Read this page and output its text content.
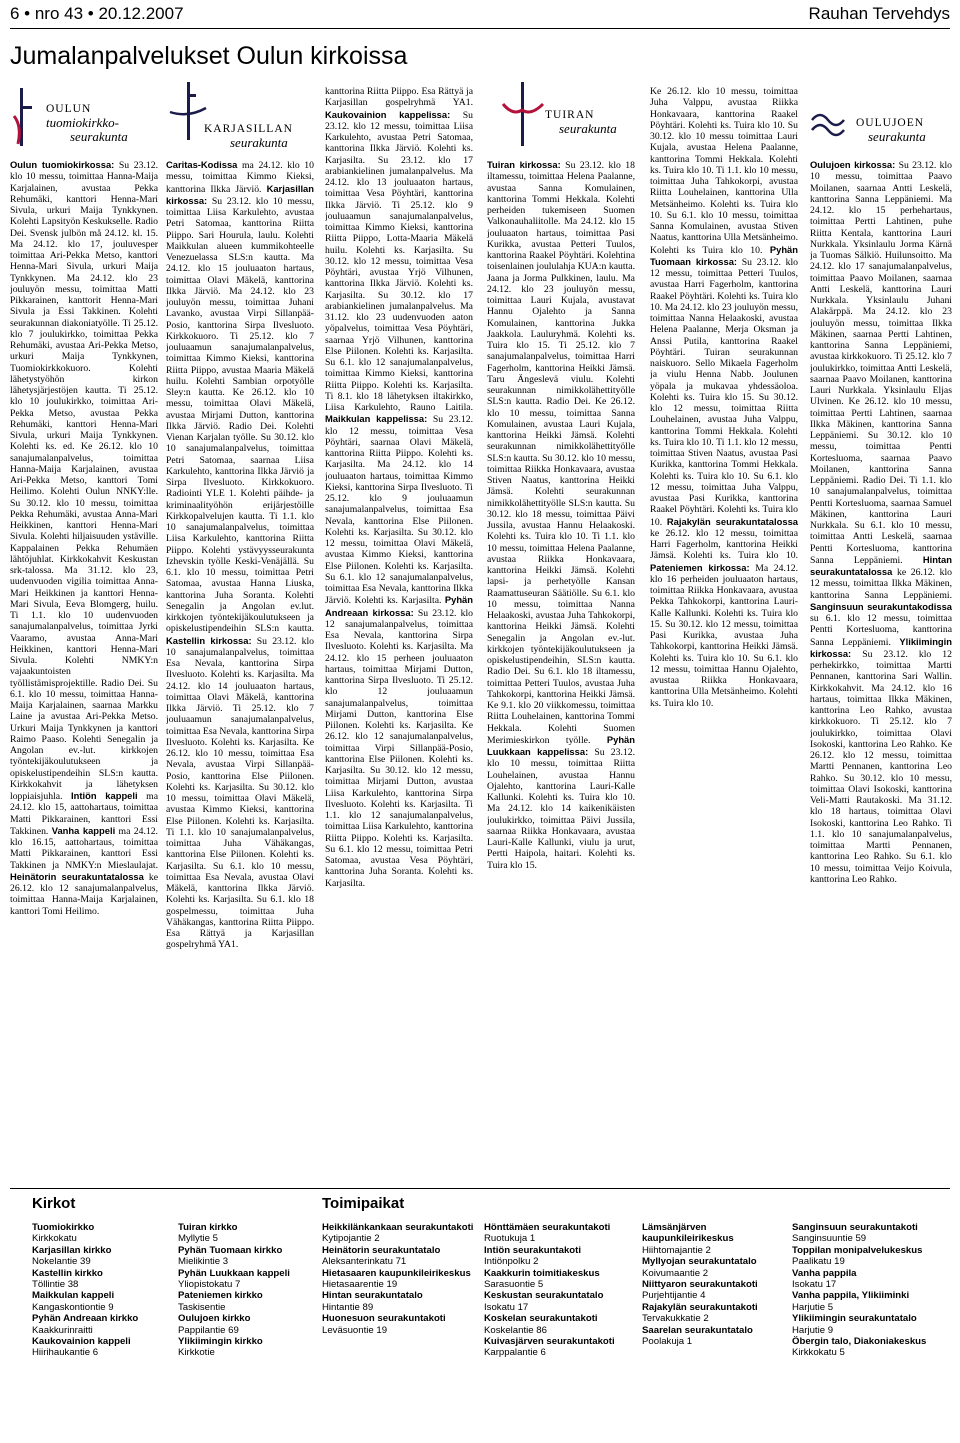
6 • nro 43 • 20.12.2007	Rauhan Tervehdys
Jumalanpalvelukset Oulun kirkoissa
OULUN
tuomiokirkko-
seurakunta
Oulun tuomiokirkossa: Su 23.12. klo 10 messu, toimittaa Hanna-Maija Karjalainen, avustaa Pekka Rehumäki, kanttori Henna-Mari Sivula, urkuri Maija Tynkkynen. Kolehti Lapsityön Keskukselle. Radio Dei. Svensk julbön må 24.12. kl. 15. Ma 24.12. klo 17, jouluvesper toimittaa Ari-Pekka Metso, kanttori Henna-Mari Sivula, urkuri Maija Tynkkynen. Ma 24.12. klo 23 jouluyön messu, toimittaa Matti Pikkarainen, kanttorit Henna-Mari Sivula ja Essi Takkinen. Kolehti seurakunnan diakoniatyölle. Ti 25.12. klo 7 joulukirkko, toimittaa Pekka Rehumäki, avustaa Ari-Pekka Metso, urkuri Maija Tynkkynen, Tuomiokirkkokuoro. Kolehti lähetystyöhön kirkon lähetysjärjestöjen kautta. Ti 25.12. klo 10 joulukirkko, toimittaa Ari-Pekka Metso, avustaa Pekka Rehumäki, kanttori Henna-Mari Sivula, urkuri Maija Tynkkynen. Kolehti ks. ed. Ke 26.12. klo 10 sanajumalanpalvelus, toimittaa Hanna-Maija Karjalainen, avustaa Ari-Pekka Metso, kanttori Tomi Heilimo. Kolehti Oulun NNKY:lle. Su 30.12. klo 10 messu, toimittaa Pekka Rehumäki, avustaa Anna-Mari Heikkinen, kanttori Henna-Mari Sivula. Kolehti hiljaisuuden ystäville. Kappalainen Pekka Rehumäen lähtöjuhlat. Kirkkokahvit Keskustan srk-talossa. Ma 31.12. klo 23, uudenvuoden vigilia toimittaa Anna-Mari Heikkinen ja kanttori Henna-Mari Sivula, Eeva Blomgerg, huilu. Ti 1.1. klo 10 uudenvuoden sanajumalanpalvelus, toimittaa Jyrki Vaaramo, avustaa Anna-Mari Heikkinen, kanttori Henna-Mari Sivula. Kolehti NMKY:n vajaakuntoisten työllistämisprojektille. Radio Dei. Su 6.1. klo 10 messu, toimittaa Hanna-Maija Karjalainen, saarnaa Markku Laine ja avustaa Ari-Pekka Metso. Urkuri Maija Tynkkynen ja kanttori Raimo Paaso. Kolehti Senegalin ja Angolan ev.-lut. kirkkojen työntekijäkoulutukseen ja opiskelustipendeihin SLS:n kautta. Kirkkokahvit ja lähetyksen loppiaisjuhla. Intiön kappeli ma 24.12. klo 15, aattohartaus, toimittaa Matti Pikkarainen, kanttori Essi Takkinen. Vanha kappeli ma 24.12. klo 16.15, aattohartaus, toimittaa Matti Pikkarainen, kanttori Essi Takkinen ja NMKY:n Mieslaulajat. Heinätorin seurakuntatalossa ke 26.12. klo 12 sanajumalanpalvelus, toimittaa Hanna-Maija Karjalainen, kanttori Tomi Heilimo.
KARJASILLAN
seurakunta
Caritas-Kodissa ma 24.12. klo 10 messu, toimittaa Kimmo Kieksi, kanttorina Ilkka Järviö. Karjasillan kirkossa: Su 23.12. klo 10 messu, toimittaa Liisa Karkulehto, avustaa Petri Satomaa, kanttorina Riitta Piippo. Sari Hourula, laulu. Kolehti Maikkulan alueen kummikohteelle Venezuelassa SLS:n kautta. Ma 24.12. klo 15 jouluaaton hartaus, toimittaa Olavi Mäkelä, kanttorina Ilkka Järviö. Ma 24.12. klo 23 jouluyön messu, toimittaa Juhani Lavanko, avustaa Virpi Sillanpää-Posio, kanttorina Sirpa Ilvesluoto. Kirkkokuoro. Ti 25.12. klo 7 jouluaamun sanajumalanpalvelus, toimittaa Kimmo Kieksi, kanttorina Riitta Piippo, avustaa Maaria Mäkelä huilu. Kolehti Sambian orpotyölle Sley:n kautta. Ke 26.12. klo 10 messu, toimittaa Olavi Mäkelä, avustaa Mirjami Dutton, kanttorina Ilkka Järviö. Radio Dei. Kolehti Vienan Karjalan työlle. Su 30.12. klo 10 sanajumalanpalvelus, toimittaa Petri Satomaa, saarnaa Liisa Karkulehto, kanttorina Ilkka Järviö ja Sirpa Ilvesluoto. Kirkkokuoro. Radiointi YLE 1. Kolehti päihde- ja kriminaalityöhön erijärjestöille Kirkkopalvelujen kautta. Ti 1.1. klo 10 sanajumalanpalvelus, toimittaa Liisa Karkulehto, kanttorina Riitta Piippo. Kolehti ystävyysseurakunta Izhevskin työlle Keski-Venäjällä. Su 6.1. klo 10 messu, toimittaa Petri Satomaa, avustaa Hanna Liuska, kanttorina Juha Soranta. Kolehti Senegalin ja Angolan ev.lut. kirkkojen työntekijäkoulutukseen ja opiskelustipendeihin SLS:n kautta. Kastellin kirkossa: Su 23.12. klo 10 sanajumalanpalvelus, toimittaa Esa Nevala, kanttorina Sirpa Ilvesluoto. Kolehti ks. Karjasilta. Ma 24.12. klo 14 jouluaaton hartaus, toimittaa Olavi Mäkelä, kanttorina Ilkka Järviö. Ti 25.12. klo 7 jouluaamun sanajumalanpalvelus, toimittaa Esa Nevala, kanttorina Sirpa Ilvesluoto. Kolehti ks. Karjasilta. Ke 26.12. klo 10 messu, toimittaa Esa Nevala, avustaa Virpi Sillanpää-Posio, kanttorina Else Piilonen. Kolehti ks. Karjasilta. Su 30.12. klo 10 messu, toimittaa Olavi Mäkelä, avustaa Kimmo Kieksi, kanttorina Else Piilonen. Kolehti ks. Karjasilta. Ti 1.1. klo 10 sanajumalanpalvelus, toimittaa Juha Vähäkangas, kanttorina Else Piilonen. Kolehti ks. Karjasilta. Su 6.1. klo 10 messu, toimittaa Esa Nevala, avustaa Olavi Mäkelä, kanttorina Ilkka Järviö. Kolehti ks. Karjasilta. Su 6.1. klo 18 gospelmessu, toimittaa Juha Vähäkangas, kanttorina Riitta Piippo. Esa Rättyä ja Karjasillan gospelryhmä YA1.
kanttorina Riitta Piippo. Esa Rättyä ja Karjasillan gospelryhmä YA1. Kaukovainion kappelissa: Su 23.12. klo 12 messu, toimittaa Liisa Karkulehto, avustaa Petri Satomaa, kanttorina Ilkka Järviö. Kolehti ks. Karjasilta. Su 23.12. klo 17 arabiankielinen jumalanpalvelus. Ma 24.12. klo 13 jouluaaton hartaus, toimittaa Vesa Pöyhtäri, kanttorina Ilkka Järviö. Ti 25.12. klo 9 jouluaamun sanajumalanpalvelus, toimittaa Kimmo Kieksi, kanttorina Riitta Piippo, Lotta-Maaria Mäkelä huilu. Kolehti ks. Karjasilta. Su 30.12. klo 12 messu, toimittaa Vesa Pöyhtäri, avustaa Yrjö Vilhunen, kanttorina Ilkka Järviö. Kolehti ks. Karjasilta. Su 30.12. klo 17 arabiankielinen jumalanpalvelus. Ma 31.12. klo 23 uudenvuoden aaton yöpalvelus, toimittaa Vesa Pöyhtäri, saarnaa Yrjö Vilhunen, kanttorina Else Piilonen. Kolehti ks. Karjasilta. Su 6.1. klo 12 sanajumalanpalvelus, toimittaa Kimmo Kieksi, kanttorina Riitta Piippo. Kolehti ks. Karjasilta. Ti 8.1. klo 18 lähetyksen iltakirkko, Liisa Karkulehto, Rauno Laitila. Maikkulan kappelissa: Su 23.12. klo 12 messu, toimittaa Vesa Pöyhtäri, saarnaa Olavi Mäkelä, kanttorina Riitta Piippo. Kolehti ks. Karjasilta. Ma 24.12. klo 14 jouluaaton hartaus, toimittaa Kimmo Kieksi, kanttorina Sirpa Ilvesluoto. Ti 25.12. klo 9 jouluaamun sanajumalanpalvelus, toimittaa Esa Nevala, kanttorina Else Piilonen. Kolehti ks. Karjasilta. Su 30.12. klo 12 messu, toimittaa Olavi Mäkelä, avustaa Kimmo Kieksi, kanttorina Else Piilonen. Kolehti ks. Karjasilta. Su 6.1. klo 12 sanajumalanpalvelus, toimittaa Esa Nevala, kanttorina Ilkka Järviö. Kolehti ks. Karjasilta. Pyhän Andreaan kirkossa: Su 23.12. klo 12 sanajumalanpalvelus, toimittaa Esa Nevala, kanttorina Sirpa Ilvesluoto. Kolehti ks. Karjasilta. Ma 24.12. klo 15 perheen jouluaaton hartaus, toimittaa Mirjami Dutton, kanttorina Sirpa Ilvesluoto. Ti 25.12. klo 12 jouluaamun sanajumalanpalvelus, toimittaa Mirjami Dutton, kanttorina Else Piilonen. Kolehti ks. Karjasilta. Ke 26.12. klo 12 sanajumalanpalvelus, toimittaa Virpi Sillanpää-Posio, kanttorina Else Piilonen. Kolehti ks. Karjasilta. Su 30.12. klo 12 messu, toimittaa Mirjami Dutton, avustaa Liisa Karkulehto, kanttorina Sirpa Ilvesluoto. Kolehti ks. Karjasilta. Ti 1.1. klo 12 sanajumalanpalvelus, toimittaa Liisa Karkulehto, kanttorina Riitta Piippo. Kolehti ks. Karjasilta. Su 6.1. klo 12 messu, toimittaa Petri Satomaa, avustaa Vesa Pöyhtäri, kanttorina Juha Soranta. Kolehti ks. Karjasilta.
TUIRAN
seurakunta
Tuiran kirkossa: Su 23.12. klo 18 iltamessu, toimittaa Helena Paalanne, avustaa Sanna Komulainen, kanttorina Tommi Hekkala. Kolehti perheiden tukemiseen Suomen Valkonauhaliitolle. Ma 24.12. klo 15 jouluaaton hartaus, toimittaa Pasi Kurikka, avustaa Petteri Tuulos, kanttorina Raakel Pöyhtäri. Kolehtina toisenlainen joululahja KUA:n kautta. Jaana ja Jorma Pulkkinen, laulu. Ma 24.12. klo 23 jouluyön messu, toimittaa Lauri Kujala, avustavat Hannu Ojalehto ja Sanna Komulainen, kanttorina Jukka Jaakkola. Lauluryhmä. Kolehti ks. Tuira klo 15. Ti 25.12. klo 7 sanajumalanpalvelus, toimittaa Harri Fagerholm, kanttorina Heikki Jämsä. Taru Ängeslevä viulu. Kolehti seurakunnan nimikkolähettityölle SLS:n kautta. Radio Dei. Ke 26.12. klo 10 messu, toimittaa Sanna Komulainen, avustaa Lauri Kujala, kanttorina Heikki Jämsä. Kolehti seurakunnan nimikkolähettityölle SLS:n kautta. Su 30.12. klo 10 messu, toimittaa Riikka Honkavaara, avustaa Stiven Naatus, kanttorina Heikki Jämsä. Kolehti seurakunnan nimikkolähettityölle SLS:n kautta. Su 30.12. klo 18 messu, toimittaa Päivi Jussila, avustaa Hannu Helaakoski. Kolehti ks. Tuira klo 10. Ti 1.1. klo 10 messu, toimittaa Helena Paalanne, avustaa Riikka Honkavaara, kanttorina Heikki Jämsä. Kolehti lapsi- ja perhetyölle Kansan Raamattuseuran Säätiölle. Su 6.1. klo 10 messu, toimittaa Nanna Helaakoski, avustaa Juha Tahkokorpi, kanttorina Heikki Jämsä. Kolehti Senegalin ja Angolan ev.-lut. kirkkojen työntekijäkoulutukseen ja opiskelustipendeihin, SLS:n kautta. Radio Dei. Su 6.1. klo 18 iltamessu, toimittaa Petteri Tuulos, avustaa Juha Tahkokorpi, kanttorina Heikki Jämsä. Ke 9.1. klo 20 viikkomessu, toimittaa Riitta Louhelainen, kanttorina Tommi Hekkala. Kolehti Suomen Merimieskirkon työlle. Pyhän Luukkaan kappelissa: Su 23.12. klo 10 messu, toimittaa Riitta Louhelainen, avustaa Hannu Ojalehto, kanttorina Lauri-Kalle Kallunki. Kolehti ks. Tuira klo 10. Ma 24.12. klo 14 kaikenikäisten joulukirkko, toimittaa Päivi Jussila, saarnaa Riikka Honkavaara, avustaa Lauri-Kalle Kallunki, viulu ja urut, Pertti Haipola, haitari. Kolehti ks. Tuira klo 15.
Ke 26.12. klo 10 messu, toimittaa Juha Valppu, avustaa Riikka Honkavaara, kanttorina Raakel Pöyhtäri. Kolehti ks. Tuira klo 10. Su 30.12. klo 10 messu toimittaa Lauri Kujala, avustaa Helena Paalanne, kanttorina Tommi Hekkala. Kolehti ks. Tuira klo 10. Ti 1.1. klo 10 messu, toimittaa Juha Tahkokorpi, avustaa Riitta Louhelainen, kanttorina Ulla Metsänheimo. Kolehti ks. Tuira klo 10. Su 6.1. klo 10 messu, toimittaa Sanna Komulainen, avustaa Stiven Naatus, kanttorina Ulla Metsänheimo. Kolehti ks Tuira klo 10. Pyhän Tuomaan kirkossa: Su 23.12. klo 12 messu, toimittaa Petteri Tuulos, avustaa Harri Fagerholm, kanttorina Raakel Pöyhtäri. Kolehti ks. Tuira klo 10. Ma 24.12. klo 23 jouluyön messu, toimittaa Nanna Helaakoski, avustaa Helena Paalanne, Merja Oksman ja Anssi Putila, kanttorina Raakel Pöyhtäri. Tuiran seurakunnan naiskuoro. Sello Mikaela Fagerholm ja viulu Henna Nabb. Joulunen yöpala ja mukavaa yhdessäoloa. Kolehti ks. Tuira klo 15. Su 30.12. klo 12 messu, toimittaa Riitta Louhelainen, avustaa Juha Valppu, kanttorina Tommi Hekkala. Kolehti ks. Tuira klo 10. Ti 1.1. klo 12 messu, toimittaa Stiven Naatus, avustaa Pasi Kurikka, kanttorina Tommi Hekkala. Kolehti ks. Tuira klo 10. Su 6.1. klo 12 messu, toimittaa Juha Valppu, avustaa Pasi Kurikka, kanttorina Raakel Pöyhtäri. Kolehti ks. Tuira klo 10. Rajakylän seurakuntatalossa ke 26.12. klo 12 messu, toimittaa Harri Fagerholm, kanttorina Heikki Jämsä. Kolehti ks. Tuira klo 10. Pateniemen kirkossa: Ma 24.12. klo 16 perheiden jouluaaton hartaus, toimittaa Riikka Honkavaara, avustaa Pekka Tahkokorpi, kanttorina Lauri-Kalle Kallunki. Kolehti ks. Tuira klo 15. Su 30.12. klo 12 messu, toimittaa Pasi Kurikka, avustaa Juha Tahkokorpi, kanttorina Heikki Jämsä. Kolehti ks. Tuira klo 10. Su 6.1. klo 12 messu, toimittaa Hannu Ojalehto, avustaa Riikka Honkavaara, kanttorina Ulla Metsänheimo. Kolehti ks. Tuira klo 10.
OULUJOEN
seurakunta
Oulujoen kirkossa: Su 23.12. klo 10 messu, toimittaa Paavo Moilanen, saarnaa Antti Leskelä, kanttorina Sanna Leppäniemi. Ma 24.12. klo 15 perhehartaus, toimittaa Pertti Lahtinen, puhe Riitta Kentala, kanttorina Lauri Nurkkala. Yksinlaulu Jorma Kärnä ja Tuomas Sälkiö. Huilunsoitto. Ma 24.12. klo 17 sanajumalanpalvelus, toimittaa Paavo Moilanen, saarnaa Antti Leskelä, kanttorina Lauri Nurkkala. Yksinlaulu Juhani Alakärppä. Ma 24.12. klo 23 jouluyön messu, toimittaa Ilkka Mäkinen, saarnaa Pertti Lahtinen, kanttorina Sanna Leppäniemi, avustaa kirkkokuoro. Ti 25.12. klo 7 joulukirkko, toimittaa Antti Leskelä, saarnaa Paavo Moilanen, kanttorina Lauri Nurkkala. Yksinlaulu Eljas Ulvinen. Ke 26.12. klo 10 messu, toimittaa Pertti Lahtinen, saarnaa Ilkka Mäkinen, kanttorina Sanna Leppäniemi. Su 30.12. klo 10 messu, toimittaa Pentti Kortesluoma, saarnaa Paavo Moilanen, kanttorina Sanna Leppäniemi. Radio Dei. Ti 1.1. klo 10 sanajumalanpalvelus, toimittaa Pentti Kortesluoma, saarnaa Samuel Mäkinen, kanttorina Lauri Nurkkala. Su 6.1. klo 10 messu, toimittaa Antti Leskelä, saarnaa Pentti Kortesluoma, kanttorina Sanna Leppäniemi. Hintan seurakuntatalossa ke 26.12. klo 12 messu, toimittaa Ilkka Mäkinen, kanttorina Sanna Leppäniemi. Sanginsuun seurakuntakodissa su 6.1. klo 12 messu, toimittaa Pentti Kortesluoma, kanttorina Sanna Leppäniemi. Ylikiimingin kirkossa: Su 23.12. klo 12 perhekirkko, toimittaa Martti Pennanen, kanttorina Sari Wallin. Kirkkokahvit. Ma 24.12. klo 16 hartaus, toimittaa Ilkka Mäkinen, kanttorina Leo Rahko, avustaa kirkkokuoro. Ti 25.12. klo 7 joulukirkko, toimittaa Olavi Isokoski, kanttorina Leo Rahko. Ke 26.12. klo 12 messu, toimittaa Martti Pennanen, kanttorina Leo Rahko. Su 30.12. klo 10 messu, toimittaa Olavi Isokoski, kanttorina Veli-Matti Rautakoski. Ma 31.12. klo 18 hartaus, toimittaa Olavi Isokoski, kanttorina Leo Rahko. Ti 1.1. klo 10 sanajumalanpalvelus, toimittaa Martti Pennanen, kanttorina Leo Rahko. Su 6.1. klo 10 messu, toimittaa Veijo Koivula, kanttorina Leo Rahko.
Kirkot	Toimipaikat
Tuomiokirkko
Kirkkokatu
Karjasillan kirkko
Nokelantie 39
Kastellin kirkko
Töllintie 38
Maikkulan kappeli
Kangaskontiontie 9
Pyhän Andreaan kirkko
Kaakkurinraitti
Kaukovainion kappeli
Hiirihaukantie 6
Tuiran kirkko
Myllytie 5
Pyhän Tuomaan kirkko
Mielikintie 3
Pyhän Luukkaan kappeli
Yliopistokatu 7
Pateniemen kirkko
Taskisentie
Oulujoen kirkko
Pappilantie 69
Ylikiimingin kirkko
Kirkkotie
Heikkilänkankaan seurakuntakoti
Kytipojantie 2
Heinätorin seurakuntatalo
Aleksanterinkatu 71
Hietasaaren kaupunkileirikeskus
Hietasaarentie 19
Hintan seurakuntatalo
Hintantie 89
Huonesuon seurakuntakoti
Leväsuontie 19
Hönttämäen seurakuntakoti
Ruotukuja 1
Intiön seurakuntakoti
Intiönpolku 2
Kaakkurin toimitiakeskus
Sarasuontie 5
Keskustan seurakuntatalo
Isokatu 17
Koskelan seurakuntakoti
Koskelantie 86
Kuivasjärven seurakuntakoti
Karppalantie 6
Lämsänjärven kaupunkileirikeskus
Hiihtomajantie 2
Myllyojan seurakuntatalo
Koivumaantie 2
Niittyaron seurakuntakoti
Purjehtijantie 4
Rajakylän seurakuntakoti
Tervakukkatie 2
Saarelan seurakuntatalo
Poolakuja 1
Sanginsuun seurakuntakoti
Sanginsuuntie 59
Toppilan monipalvelukeskus
Paalikatu 19
Vanha pappila
Isokatu 17
Vanha pappila, Ylikiiminki
Harjutie 5
Ylikiimingin seurakuntatalo
Harjutie 9
Öbergin talo, Diakoniakeskus
Kirkkokatu 5
